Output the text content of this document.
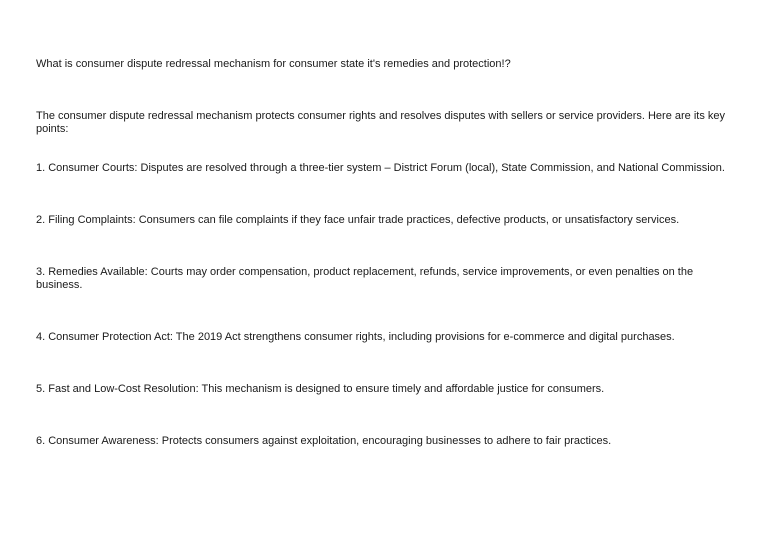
What is consumer dispute redressal mechanism for consumer state it's remedies and protection!?

The consumer dispute redressal mechanism protects consumer rights and resolves disputes with sellers or service providers. Here are its key points:

1. Consumer Courts: Disputes are resolved through a three-tier system – District Forum (local), State Commission, and National Commission.

2. Filing Complaints: Consumers can file complaints if they face unfair trade practices, defective products, or unsatisfactory services.

3. Remedies Available: Courts may order compensation, product replacement, refunds, service improvements, or even penalties on the business.

4. Consumer Protection Act: The 2019 Act strengthens consumer rights, including provisions for e-commerce and digital purchases.

5. Fast and Low-Cost Resolution: This mechanism is designed to ensure timely and affordable justice for consumers.

6. Consumer Awareness: Protects consumers against exploitation, encouraging businesses to adhere to fair practices.
